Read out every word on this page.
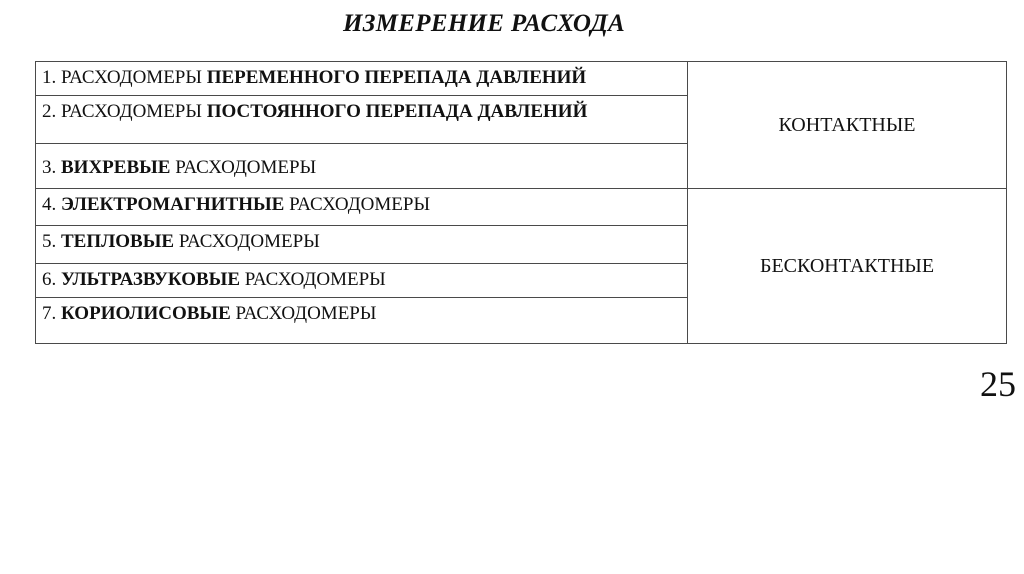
ИЗМЕРЕНИЕ РАСХОДА
1. РАСХОДОМЕРЫ ПЕРЕМЕННОГО ПЕРЕПАДА ДАВЛЕНИЙ	КОНТАКТНЫЕ
2. РАСХОДОМЕРЫ ПОСТОЯННОГО ПЕРЕПАДА ДАВЛЕНИЙ	
3. ВИХРЕВЫЕ РАСХОДОМЕРЫ	
4. ЭЛЕКТРОМАГНИТНЫЕ РАСХОДОМЕРЫ	БЕСКОНТАКТНЫЕ
5. ТЕПЛОВЫЕ РАСХОДОМЕРЫ	
6. УЛЬТРАЗВУКОВЫЕ РАСХОДОМЕРЫ	
7. КОРИОЛИСОВЫЕ РАСХОДОМЕРЫ	
25
